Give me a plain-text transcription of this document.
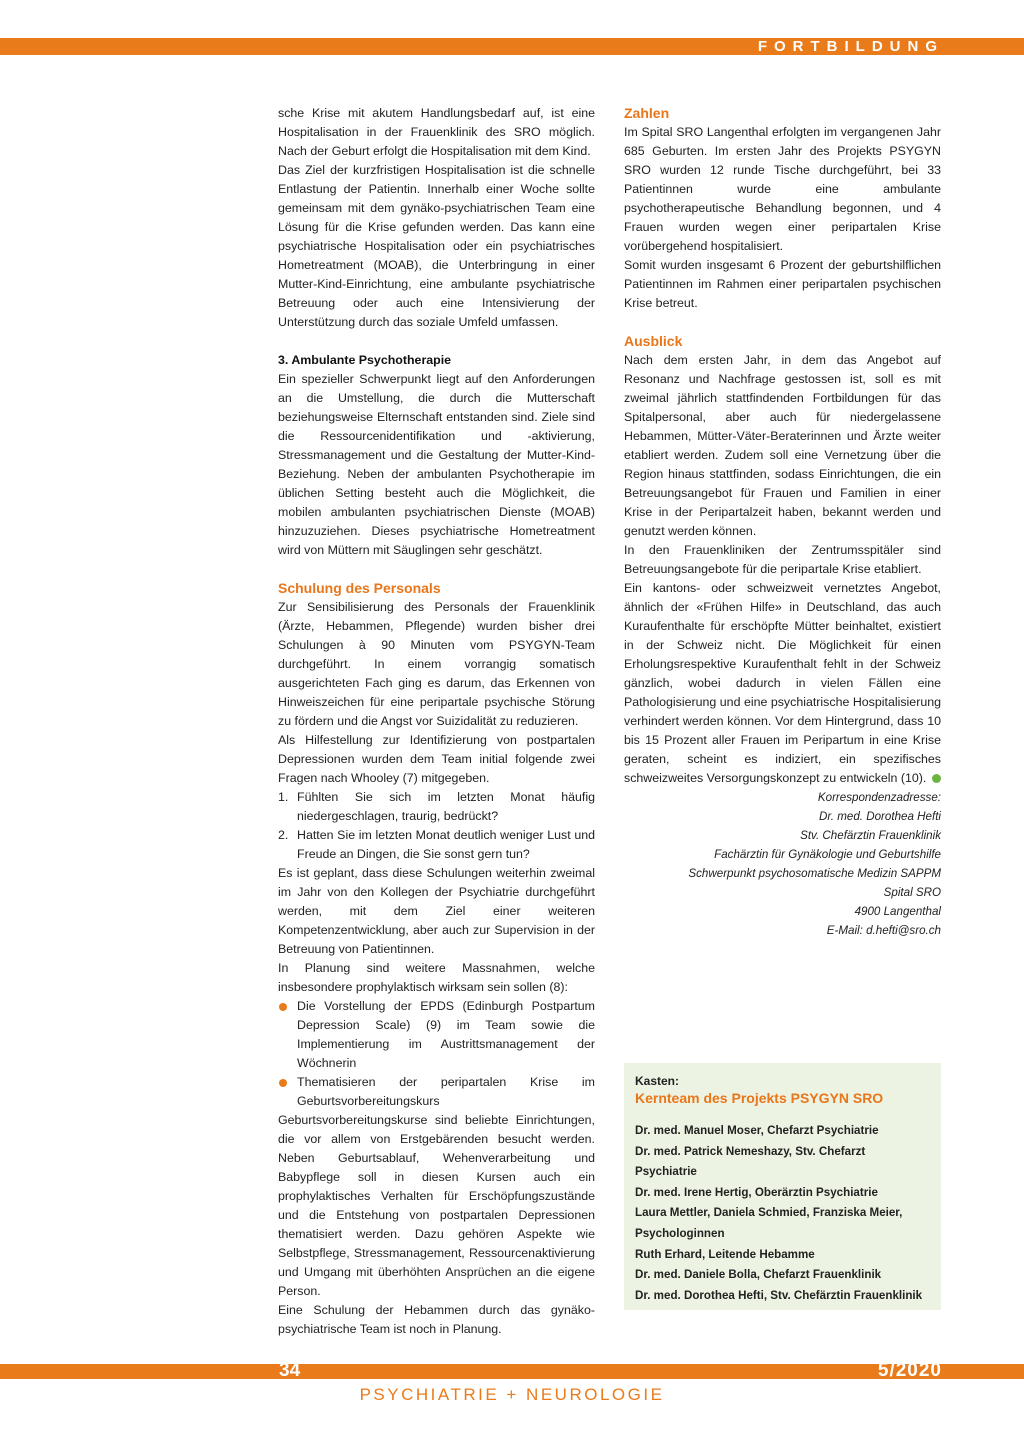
FORTBILDUNG

sche Krise mit akutem Handlungsbedarf auf, ist eine Hospitalisation in der Frauenklinik des SRO möglich. Nach der Geburt erfolgt die Hospitalisation mit dem Kind.

Das Ziel der kurzfristigen Hospitalisation ist die schnelle Entlastung der Patientin. Innerhalb einer Woche sollte gemeinsam mit dem gynäko-psychiatrischen Team eine Lösung für die Krise gefunden werden. Das kann eine psychiatrische Hospitalisation oder ein psychiatrisches Hometreatment (MOAB), die Unterbringung in einer Mutter-Kind-Einrichtung, eine ambulante psychiatrische Betreuung oder auch eine Intensivierung der Unterstützung durch das soziale Umfeld umfassen.

3. Ambulante Psychotherapie

Ein spezieller Schwerpunkt liegt auf den Anforderungen an die Umstellung, die durch die Mutterschaft beziehungsweise Elternschaft entstanden sind. Ziele sind die Ressourcenidentifikation und -aktivierung, Stressmanagement und die Gestaltung der Mutter-Kind-Beziehung. Neben der ambulanten Psychotherapie im üblichen Setting besteht auch die Möglichkeit, die mobilen ambulanten psychiatrischen Dienste (MOAB) hinzuzuziehen. Dieses psychiatrische Hometreatment wird von Müttern mit Säuglingen sehr geschätzt.

Schulung des Personals

Zur Sensibilisierung des Personals der Frauenklinik (Ärzte, Hebammen, Pflegende) wurden bisher drei Schulungen à 90 Minuten vom PSYGYN-Team durchgeführt. In einem vorrangig somatisch ausgerichteten Fach ging es darum, das Erkennen von Hinweiszeichen für eine peripartale psychische Störung zu fördern und die Angst vor Suizidalität zu reduzieren.

Als Hilfestellung zur Identifizierung von postpartalen Depressionen wurden dem Team initial folgende zwei Fragen nach Whooley (7) mitgegeben.

1. Fühlten Sie sich im letzten Monat häufig niedergeschlagen, traurig, bedrückt?
2. Hatten Sie im letzten Monat deutlich weniger Lust und Freude an Dingen, die Sie sonst gern tun?

Es ist geplant, dass diese Schulungen weiterhin zweimal im Jahr von den Kollegen der Psychiatrie durchgeführt werden, mit dem Ziel einer weiteren Kompetenzentwicklung, aber auch zur Supervision in der Betreuung von Patientinnen.

In Planung sind weitere Massnahmen, welche insbesondere prophylaktisch wirksam sein sollen (8):

Die Vorstellung der EPDS (Edinburgh Postpartum Depression Scale) (9) im Team sowie die Implementierung im Austrittsmanagement der Wöchnerin
Thematisieren der peripartalen Krise im Geburtsvorbereitungskurs

Geburtsvorbereitungskurse sind beliebte Einrichtungen, die vor allem von Erstgebärenden besucht werden. Neben Geburtsablauf, Wehenverarbeitung und Babypflege soll in diesen Kursen auch ein prophylaktisches Verhalten für Erschöpfungszustände und die Entstehung von postpartalen Depressionen thematisiert werden. Dazu gehören Aspekte wie Selbstpflege, Stressmanagement, Ressourcenaktivierung und Umgang mit überhöhten Ansprüchen an die eigene Person.

Eine Schulung der Hebammen durch das gynäko-psychiatrische Team ist noch in Planung.

Zahlen

Im Spital SRO Langenthal erfolgten im vergangenen Jahr 685 Geburten. Im ersten Jahr des Projekts PSYGYN SRO wurden 12 runde Tische durchgeführt, bei 33 Patientinnen wurde eine ambulante psychotherapeutische Behandlung begonnen, und 4 Frauen wurden wegen einer peripartalen Krise vorübergehend hospitalisiert.

Somit wurden insgesamt 6 Prozent der geburtshilflichen Patientinnen im Rahmen einer peripartalen psychischen Krise betreut.

Ausblick

Nach dem ersten Jahr, in dem das Angebot auf Resonanz und Nachfrage gestossen ist, soll es mit zweimal jährlich stattfindenden Fortbildungen für das Spitalpersonal, aber auch für niedergelassene Hebammen, Mütter-Väter-Beraterinnen und Ärzte weiter etabliert werden. Zudem soll eine Vernetzung über die Region hinaus stattfinden, sodass Einrichtungen, die ein Betreuungsangebot für Frauen und Familien in einer Krise in der Peripartalzeit haben, bekannt werden und genutzt werden können.

In den Frauenkliniken der Zentrumsspitäler sind Betreuungsangebote für die peripartale Krise etabliert.

Ein kantons- oder schweizweit vernetztes Angebot, ähnlich der «Frühen Hilfe» in Deutschland, das auch Kuraufenthalte für erschöpfte Mütter beinhaltet, existiert in der Schweiz nicht. Die Möglichkeit für einen Erholungsrespektive Kuraufenthalt fehlt in der Schweiz gänzlich, wobei dadurch in vielen Fällen eine Pathologisierung und eine psychiatrische Hospitalisierung verhindert werden können. Vor dem Hintergrund, dass 10 bis 15 Prozent aller Frauen im Peripartum in eine Krise geraten, scheint es indiziert, ein spezifisches schweizweites Versorgungskonzept zu entwickeln (10).

Korrespondenzadresse:
Dr. med. Dorothea Hefti
Stv. Chefärztin Frauenklinik
Fachärztin für Gynäkologie und Geburtshilfe
Schwerpunkt psychosomatische Medizin SAPPM
Spital SRO
4900 Langenthal
E-Mail: d.hefti@sro.ch
Kasten:
Kernteam des Projekts PSYGYN SRO
Dr. med. Manuel Moser, Chefarzt Psychiatrie
Dr. med. Patrick Nemeshazy, Stv. Chefarzt Psychiatrie
Dr. med. Irene Hertig, Oberärztin Psychiatrie
Laura Mettler, Daniela Schmied, Franziska Meier, Psychologinnen
Ruth Erhard, Leitende Hebamme
Dr. med. Daniele Bolla, Chefarzt Frauenklinik
Dr. med. Dorothea Hefti, Stv. Chefärztin Frauenklinik
34	5/2020
PSYCHIATRIE + NEUROLOGIE
